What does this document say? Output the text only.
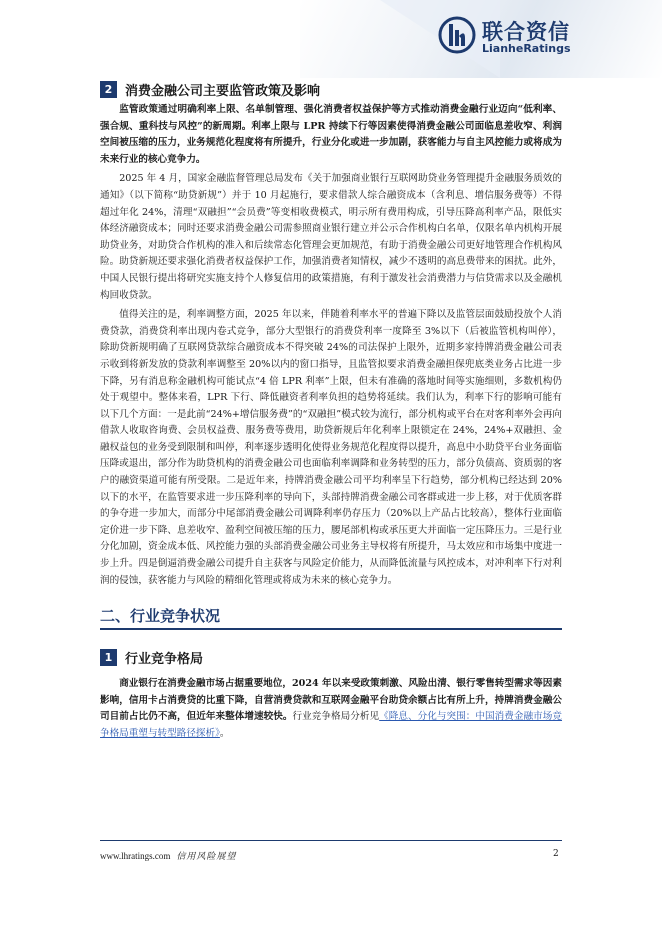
联合资信
LianheRatings
2 消费金融公司主要监管政策及影响

监管政策通过明确利率上限、名单制管理、强化消费者权益保护等方式推动消费金融行业迈向“低利率、强合规、重科技与风控”的新周期。利率上限与 LPR 持续下行等因素使得消费金融公司面临息差收窄、利润空间被压缩的压力，业务规范化程度将有所提升，行业分化或进一步加剧，获客能力与自主风控能力或将成为未来行业的核心竞争力。

2025 年 4 月，国家金融监督管理总局发布《关于加强商业银行互联网助贷业务管理提升金融服务质效的通知》（以下简称“助贷新规”）并于 10 月起施行，要求借款人综合融资成本（含利息、增信服务费等）不得超过年化 24%，清理“双融担”“会员费”等变相收费模式，明示所有费用构成，引导压降高利率产品，限低实体经济融资成本；同时还要求消费金融公司需参照商业银行建立并公示合作机构白名单，仅限名单内机构开展助贷业务，对助贷合作机构的准入和后续常态化管理会更加规范，有助于消费金融公司更好地管理合作机构风险。助贷新规还要求强化消费者权益保护工作，加强消费者知情权，减少不透明的高息费带来的困扰。此外，中国人民银行提出将研究实施支持个人修复信用的政策措施，有利于激发社会消费潜力与信贷需求以及金融机构回收贷款。

值得关注的是，利率调整方面，2025 年以来，伴随着利率水平的普遍下降以及监管层面鼓励投放个人消费贷款，消费贷利率出现内卷式竞争，部分大型银行的消费贷利率一度降至 3%以下（后被监管机构叫停），除助贷新规明确了互联网贷款综合融资成本不得突破 24%的司法保护上限外，近期多家持牌消费金融公司表示收到将新发放的贷款利率调整至 20%以内的窗口指导，且监管拟要求消费金融担保兜底类业务占比进一步下降，另有消息称金融机构可能试点“4 倍 LPR 利率”上限，但未有准确的落地时间等实施细则，多数机构仍处于观望中。整体来看，LPR 下行、降低融资者利率负担的趋势将延续。我们认为，利率下行的影响可能有以下几个方面：一是此前“24%+增信服务费”的“双融担”模式较为流行，部分机构或平台在对客利率外会再向借款人收取咨询费、会员权益费、服务费等费用，助贷新规后年化利率上限锁定在 24%，24%+双融担、金融权益包的业务受到限制和叫停，利率逐步透明化使得业务规范化程度得以提升，高息中小助贷平台业务面临压降或退出，部分作为助贷机构的消费金融公司也面临利率调降和业务转型的压力，部分负债高、资质弱的客户的融资渠道可能有所受限。二是近年来，持牌消费金融公司平均利率呈下行趋势，部分机构已经达到 20%以下的水平，在监管要求进一步压降利率的导向下，头部持牌消费金融公司客群或进一步上移，对于优质客群的争夺进一步加大，而部分中尾部消费金融公司调降利率仍存压力（20%以上产品占比较高），整体行业面临定价进一步下降、息差收窄、盈利空间被压缩的压力，腰尾部机构或承压更大并面临一定压降压力。三是行业分化加剧，资金成本低、风控能力强的头部消费金融公司业务主导权将有所提升，马太效应和市场集中度进一步上升。四是倒逼消费金融公司提升自主获客与风险定价能力，从而降低流量与风控成本，对冲利率下行对利润的侵蚀，获客能力与风险的精细化管理或将成为未来的核心竞争力。

二、行业竞争状况
1 行业竞争格局

商业银行在消费金融市场占据重要地位，2024 年以来受政策刺激、风险出清、银行零售转型需求等因素影响，信用卡占消费贷的比重下降，自营消费贷款和互联网金融平台助贷余额占比有所上升，持牌消费金融公司目前占比仍不高，但近年来整体增速较快。行业竞争格局分析见《降息、分化与突围：中国消费金融市场竞争格局重塑与转型路径探析》。

www.lhratings.com 信用风险展望	2
